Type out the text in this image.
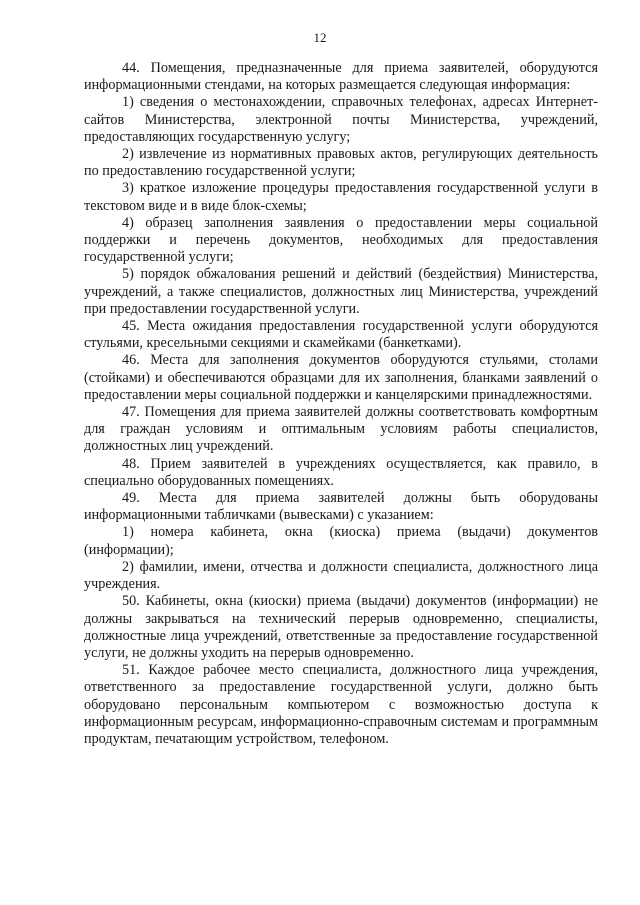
12

44. Помещения, предназначенные для приема заявителей, оборудуются информационными стендами, на которых размещается следующая информация:

1) сведения о местонахождении, справочных телефонах, адресах Интернет-сайтов Министерства, электронной почты Министерства, учреждений, предоставляющих государственную услугу;

2) извлечение из нормативных правовых актов, регулирующих деятельность по предоставлению государственной услуги;

3) краткое изложение процедуры предоставления государственной услуги в текстовом виде и в виде блок-схемы;

4) образец заполнения заявления о предоставлении меры социальной поддержки и перечень документов, необходимых для предоставления государственной услуги;

5) порядок обжалования решений и действий (бездействия) Министерства, учреждений, а также специалистов, должностных лиц Министерства, учреждений при предоставлении государственной услуги.

45. Места ожидания предоставления государственной услуги оборудуются стульями, кресельными секциями и скамейками (банкетками).

46. Места для заполнения документов оборудуются стульями, столами (стойками) и обеспечиваются образцами для их заполнения, бланками заявлений о предоставлении меры социальной поддержки и канцелярскими принадлежностями.

47. Помещения для приема заявителей должны соответствовать комфортным для граждан условиям и оптимальным условиям работы специалистов, должностных лиц учреждений.

48. Прием заявителей в учреждениях осуществляется, как правило, в специально оборудованных помещениях.

49. Места для приема заявителей должны быть оборудованы информационными табличками (вывесками) с указанием:

1) номера кабинета, окна (киоска) приема (выдачи) документов (информации);

2) фамилии, имени, отчества и должности специалиста, должностного лица учреждения.

50. Кабинеты, окна (киоски) приема (выдачи) документов (информации) не должны закрываться на технический перерыв одновременно, специалисты, должностные лица учреждений, ответственные за предоставление государственной услуги, не должны уходить на перерыв одновременно.

51. Каждое рабочее место специалиста, должностного лица учреждения, ответственного за предоставление государственной услуги, должно быть оборудовано персональным компьютером с возможностью доступа к информационным ресурсам, информационно-справочным системам и программным продуктам, печатающим устройством, телефоном.
